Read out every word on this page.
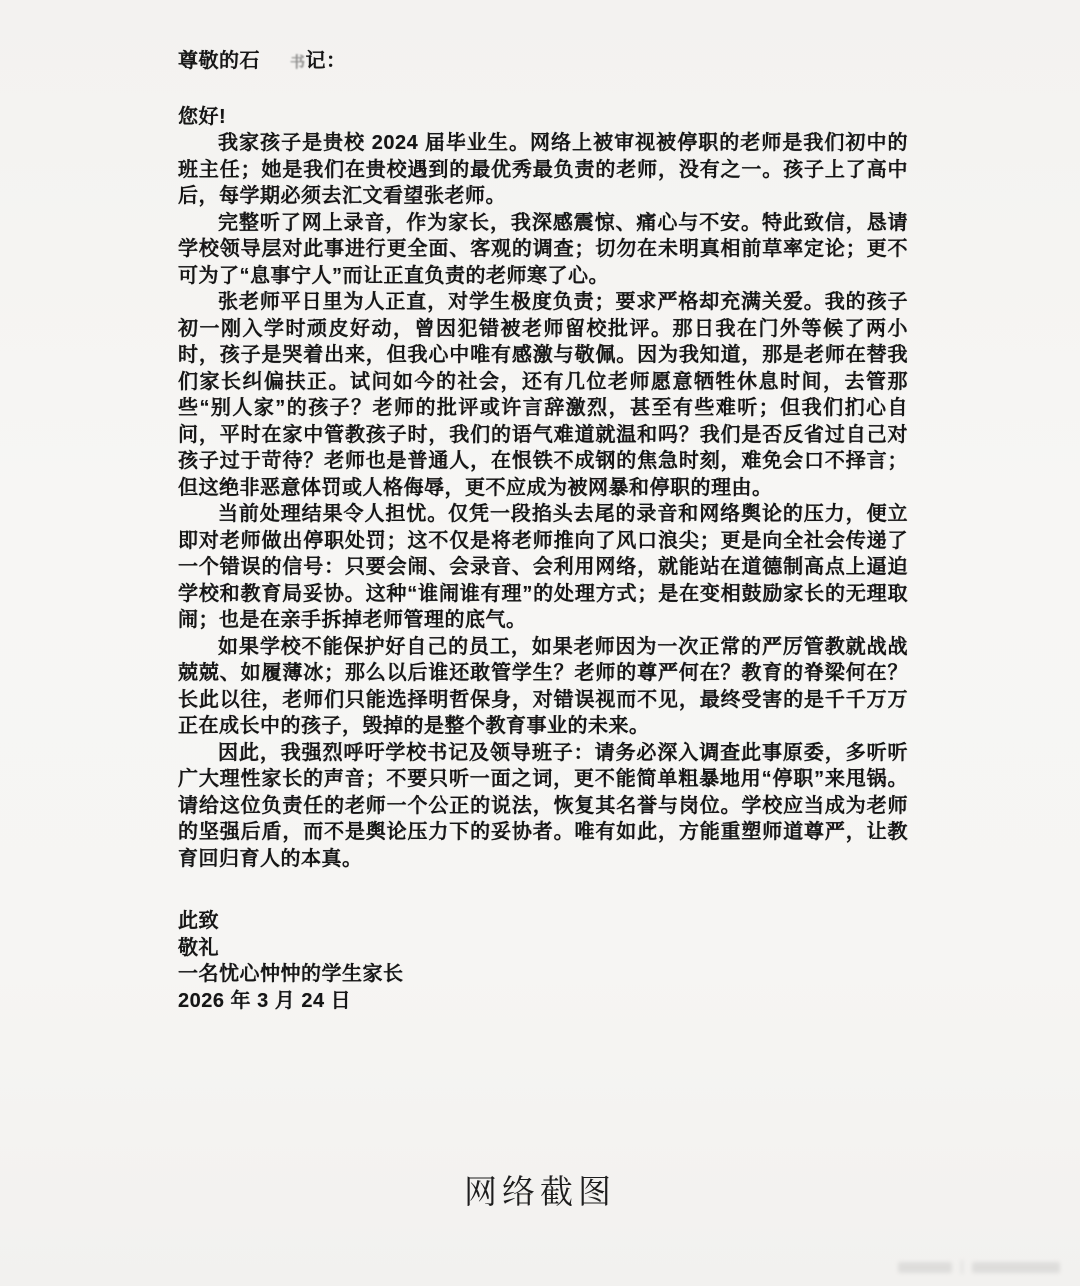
尊敬的石 书记：
您好!

我家孩子是贵校 2024 届毕业生。网络上被审视被停职的老师是我们初中的班主任；她是我们在贵校遇到的最优秀最负责的老师，没有之一。孩子上了高中后，每学期必须去汇文看望张老师。

完整听了网上录音，作为家长，我深感震惊、痛心与不安。特此致信，恳请学校领导层对此事进行更全面、客观的调查；切勿在未明真相前草率定论；更不可为了“息事宁人”而让正直负责的老师寒了心。

张老师平日里为人正直，对学生极度负责；要求严格却充满关爱。我的孩子初一刚入学时顽皮好动，曾因犯错被老师留校批评。那日我在门外等候了两小时，孩子是哭着出来，但我心中唯有感激与敬佩。因为我知道，那是老师在替我们家长纠偏扶正。试问如今的社会，还有几位老师愿意牺牲休息时间，去管那些“别人家”的孩子？老师的批评或许言辞激烈，甚至有些难听；但我们扪心自问，平时在家中管教孩子时，我们的语气难道就温和吗？我们是否反省过自己对孩子过于苛待？老师也是普通人，在恨铁不成钢的焦急时刻，难免会口不择言；但这绝非恶意体罚或人格侮辱，更不应成为被网暴和停职的理由。

当前处理结果令人担忧。仅凭一段掐头去尾的录音和网络舆论的压力，便立即对老师做出停职处罚；这不仅是将老师推向了风口浪尖；更是向全社会传递了一个错误的信号：只要会闹、会录音、会利用网络，就能站在道德制高点上逼迫学校和教育局妥协。这种“谁闹谁有理”的处理方式；是在变相鼓励家长的无理取闹；也是在亲手拆掉老师管理的底气。

如果学校不能保护好自己的员工，如果老师因为一次正常的严厉管教就战战兢兢、如履薄冰；那么以后谁还敢管学生？老师的尊严何在？教育的脊梁何在？长此以往，老师们只能选择明哲保身，对错误视而不见，最终受害的是千千万万正在成长中的孩子，毁掉的是整个教育事业的未来。

因此，我强烈呼吁学校书记及领导班子：请务必深入调查此事原委，多听听广大理性家长的声音；不要只听一面之词，更不能简单粗暴地用“停职”来甩锅。请给这位负责任的老师一个公正的说法，恢复其名誉与岗位。学校应当成为老师的坚强后盾，而不是舆论压力下的妥协者。唯有如此，方能重塑师道尊严，让教育回归育人的本真。

此致
敬礼
一名忧心忡忡的学生家长
2026 年 3 月 24 日
网络截图
